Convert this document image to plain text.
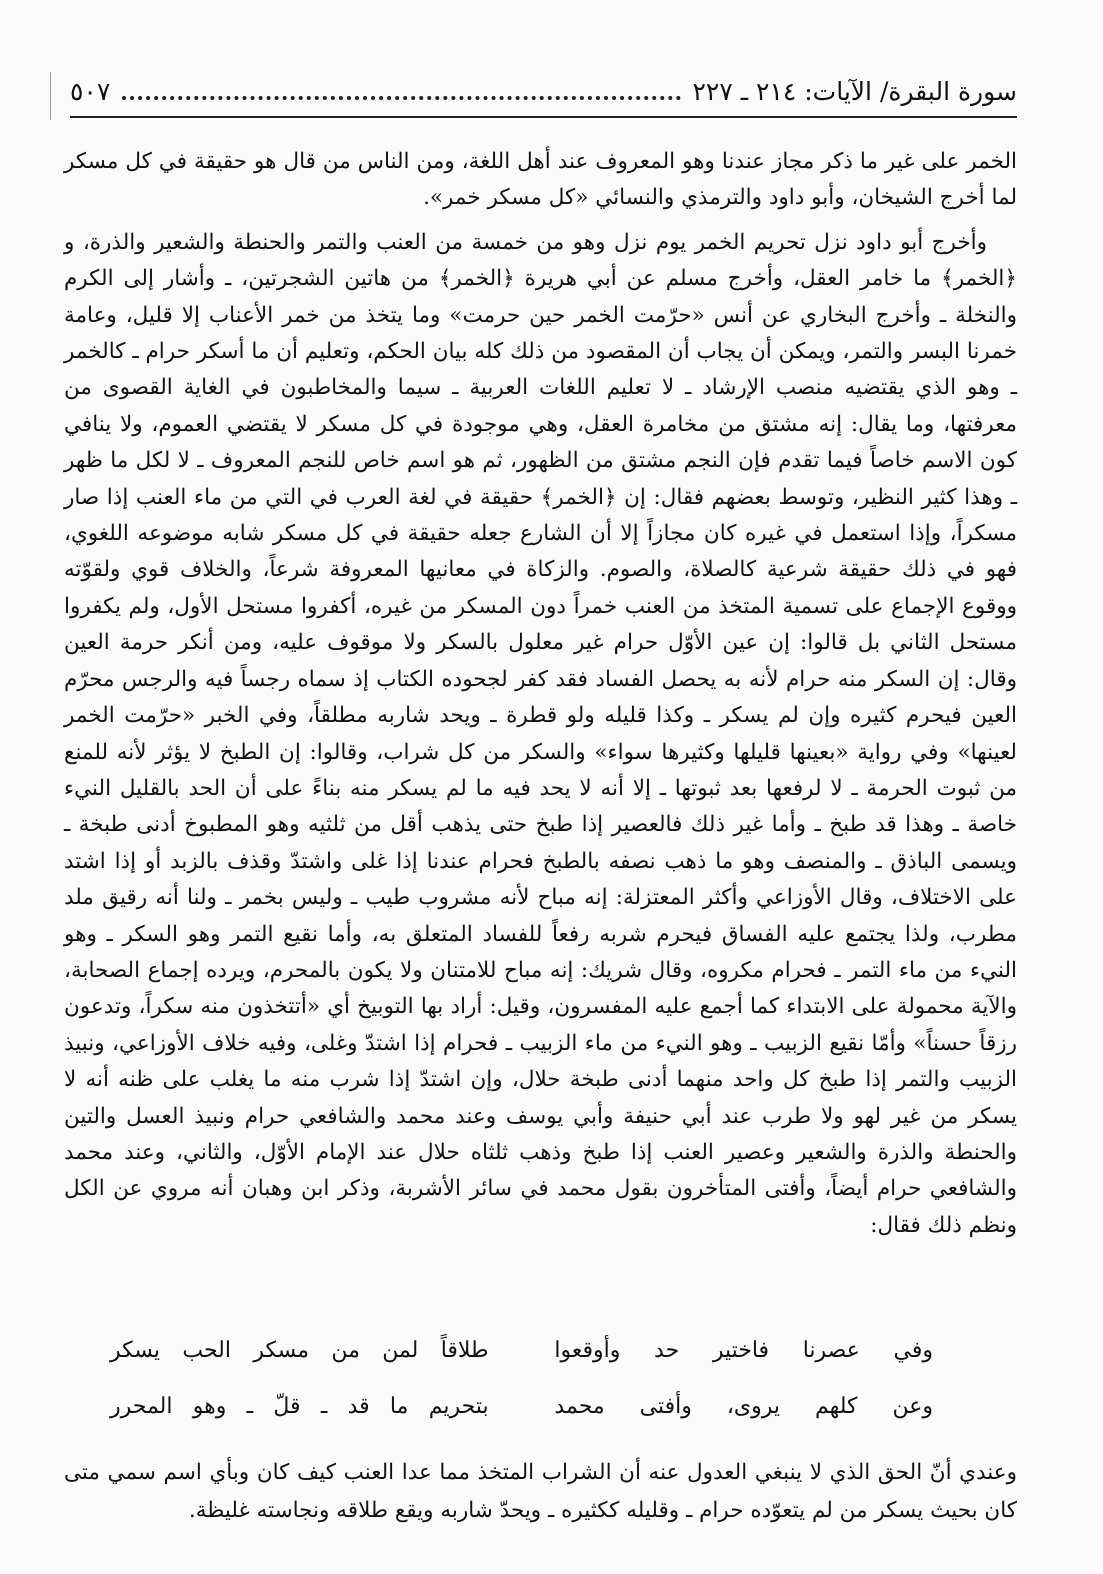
سورة البقرة/ الآيات: ٢١٤ ـ ٢٢٧
٥٠٧

الخمر على غير ما ذكر مجاز عندنا وهو المعروف عند أهل اللغة، ومن الناس من قال هو حقيقة في كل مسكر لما أخرج الشيخان، وأبو داود والترمذي والنسائي «كل مسكر خمر».

وأخرج أبو داود نزل تحريم الخمر يوم نزل وهو من خمسة من العنب والتمر والحنطة والشعير والذرة، و ﴿الخمر﴾ ما خامر العقل، وأخرج مسلم عن أبي هريرة ﴿الخمر﴾ من هاتين الشجرتين، ـ وأشار إلى الكرم والنخلة ـ وأخرج البخاري عن أنس «حرّمت الخمر حين حرمت» وما يتخذ من خمر الأعناب إلا قليل، وعامة خمرنا البسر والتمر، ويمكن أن يجاب أن المقصود من ذلك كله بيان الحكم، وتعليم أن ما أسكر حرام ـ كالخمر ـ وهو الذي يقتضيه منصب الإرشاد ـ لا تعليم اللغات العربية ـ سيما والمخاطبون في الغاية القصوى من معرفتها، وما يقال: إنه مشتق من مخامرة العقل، وهي موجودة في كل مسكر لا يقتضي العموم، ولا ينافي كون الاسم خاصاً فيما تقدم فإن النجم مشتق من الظهور، ثم هو اسم خاص للنجم المعروف ـ لا لكل ما ظهر ـ وهذا كثير النظير، وتوسط بعضهم فقال: إن ﴿الخمر﴾ حقيقة في لغة العرب في التي من ماء العنب إذا صار مسكراً، وإذا استعمل في غيره كان مجازاً إلا أن الشارع جعله حقيقة في كل مسكر شابه موضوعه اللغوي، فهو في ذلك حقيقة شرعية كالصلاة، والصوم. والزكاة في معانيها المعروفة شرعاً، والخلاف قوي ولقوّته ووقوع الإجماع على تسمية المتخذ من العنب خمراً دون المسكر من غيره، أكفروا مستحل الأول، ولم يكفروا مستحل الثاني بل قالوا: إن عين الأوّل حرام غير معلول بالسكر ولا موقوف عليه، ومن أنكر حرمة العين وقال: إن السكر منه حرام لأنه به يحصل الفساد فقد كفر لجحوده الكتاب إذ سماه رجساً فيه والرجس محرّم العين فيحرم كثيره وإن لم يسكر ـ وكذا قليله ولو قطرة ـ ويحد شاربه مطلقاً، وفي الخبر «حرّمت الخمر لعينها» وفي رواية «بعينها قليلها وكثيرها سواء» والسكر من كل شراب، وقالوا: إن الطبخ لا يؤثر لأنه للمنع من ثبوت الحرمة ـ لا لرفعها بعد ثبوتها ـ إلا أنه لا يحد فيه ما لم يسكر منه بناءً على أن الحد بالقليل النيء خاصة ـ وهذا قد طبخ ـ وأما غير ذلك فالعصير إذا طبخ حتى يذهب أقل من ثلثيه وهو المطبوخ أدنى طبخة ـ ويسمى الباذق ـ والمنصف وهو ما ذهب نصفه بالطبخ فحرام عندنا إذا غلى واشتدّ وقذف بالزبد أو إذا اشتد على الاختلاف، وقال الأوزاعي وأكثر المعتزلة: إنه مباح لأنه مشروب طيب ـ وليس بخمر ـ ولنا أنه رقيق ملد مطرب، ولذا يجتمع عليه الفساق فيحرم شربه رفعاً للفساد المتعلق به، وأما نقيع التمر وهو السكر ـ وهو النيء من ماء التمر ـ فحرام مكروه، وقال شريك: إنه مباح للامتنان ولا يكون بالمحرم، ويرده إجماع الصحابة، والآية محمولة على الابتداء كما أجمع عليه المفسرون، وقيل: أراد بها التوبيخ أي «أتتخذون منه سكراً، وتدعون رزقاً حسناً» وأمّا نقيع الزبيب ـ وهو النيء من ماء الزبيب ـ فحرام إذا اشتدّ وغلى، وفيه خلاف الأوزاعي، ونبيذ الزبيب والتمر إذا طبخ كل واحد منهما أدنى طبخة حلال، وإن اشتدّ إذا شرب منه ما يغلب على ظنه أنه لا يسكر من غير لهو ولا طرب عند أبي حنيفة وأبي يوسف وعند محمد والشافعي حرام ونبيذ العسل والتين والحنطة والذرة والشعير وعصير العنب إذا طبخ وذهب ثلثاه حلال عند الإمام الأوّل، والثاني، وعند محمد والشافعي حرام أيضاً، وأفتى المتأخرون بقول محمد في سائر الأشربة، وذكر ابن وهبان أنه مروي عن الكل ونظم ذلك فقال:

وفي عصرنا فاختير حد وأوقعوا
طلاقاً لمن من مسكر الحب يسكر
وعن كلهم يروى، وأفتى محمد
بتحريم ما قد ـ قلّ ـ وهو المحرر

وعندي أنّ الحق الذي لا ينبغي العدول عنه أن الشراب المتخذ مما عدا العنب كيف كان وبأي اسم سمي متى كان بحيث يسكر من لم يتعوّده حرام ـ وقليله ككثيره ـ ويحدّ شاربه ويقع طلاقه ونجاسته غليظة.
